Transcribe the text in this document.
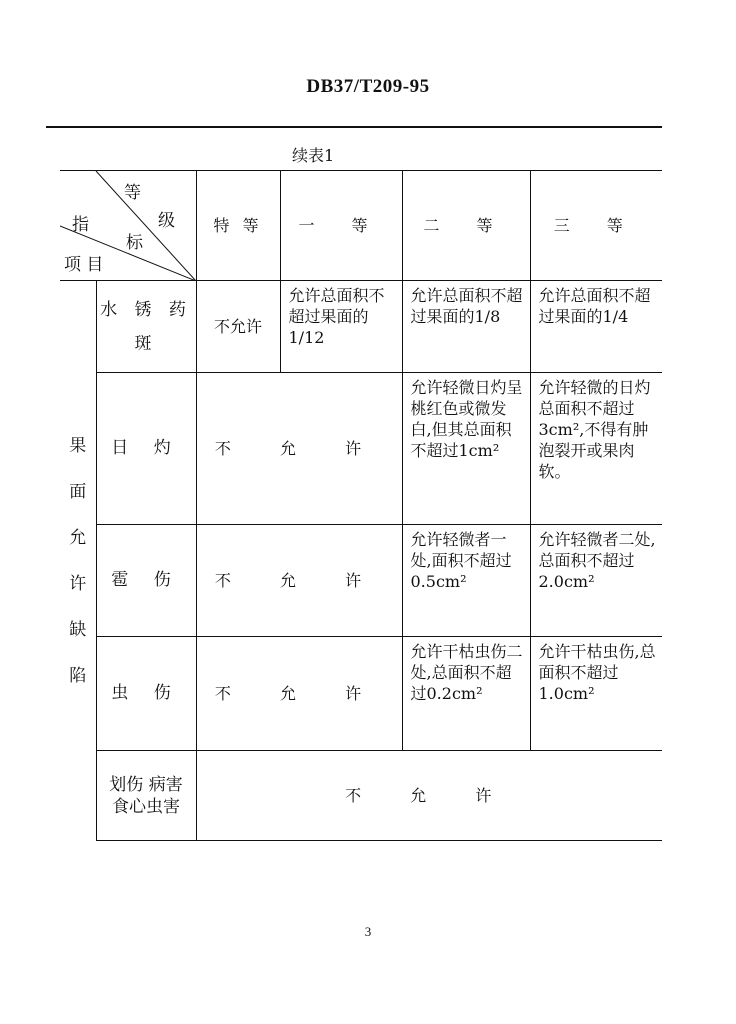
DB37/T209-95
续表1
等
级
指
标
项 目		特 等	一 等	二 等	三 等

果面允许缺陷	水 锈 药 斑	不允许	允许总面积不超过果面的1/12	允许总面积不超过果面的1/8	允许总面积不超过果面的1/4
	日 灼	不 允 许		允许轻微日灼呈桃红色或微发白,但其总面积不超过1cm²	允许轻微的日灼总面积不超过3cm²,不得有肿泡裂开或果肉软。
	雹 伤	不 允 许		允许轻微者一处,面积不超过0.5cm²	允许轻微者二处,总面积不超过2.0cm²
	虫 伤	不 允 许		允许干枯虫伤二处,总面积不超过0.2cm²	允许干枯虫伤,总面积不超过1.0cm²
	划伤 病害 食心虫害	不 允 许			
3
